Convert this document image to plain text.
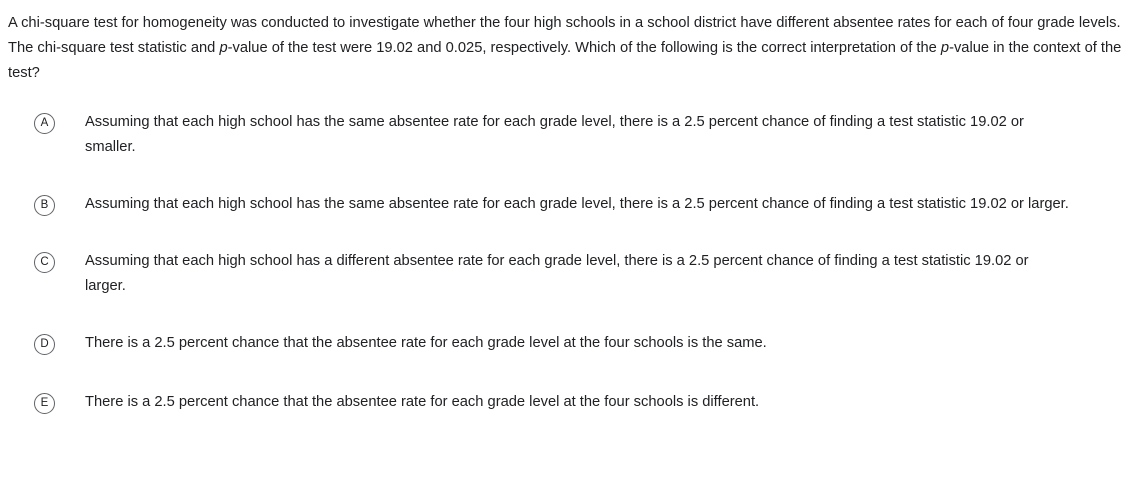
A chi-square test for homogeneity was conducted to investigate whether the four high schools in a school district have different absentee rates for each of four grade levels. The chi-square test statistic and p-value of the test were 19.02 and 0.025, respectively. Which of the following is the correct interpretation of the p-value in the context of the test?
A	Assuming that each high school has the same absentee rate for each grade level, there is a 2.5 percent chance of finding a test statistic 19.02 or smaller.
B	Assuming that each high school has the same absentee rate for each grade level, there is a 2.5 percent chance of finding a test statistic 19.02 or larger.
C	Assuming that each high school has a different absentee rate for each grade level, there is a 2.5 percent chance of finding a test statistic 19.02 or larger.
D	There is a 2.5 percent chance that the absentee rate for each grade level at the four schools is the same.
E	There is a 2.5 percent chance that the absentee rate for each grade level at the four schools is different.
